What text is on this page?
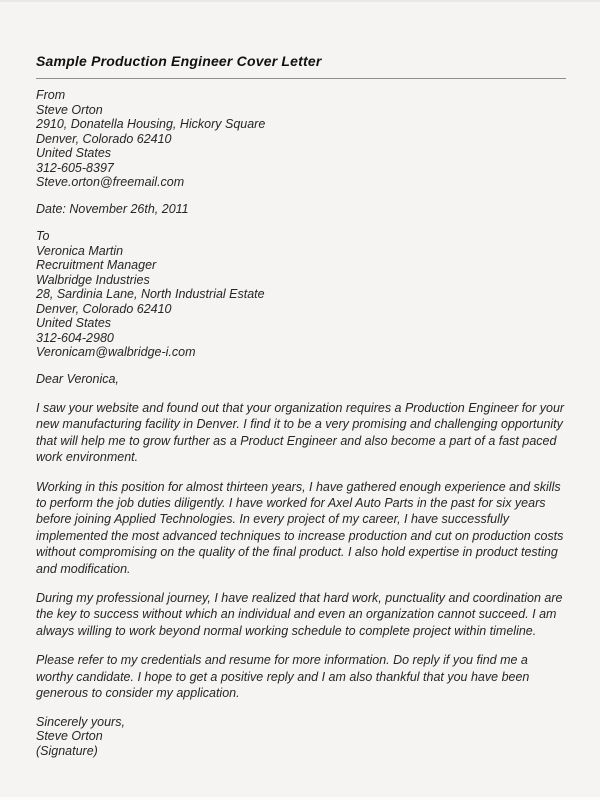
Sample Production Engineer Cover Letter
From
Steve Orton
2910, Donatella Housing, Hickory Square
Denver, Colorado 62410
United States
312-605-8397
Steve.orton@freemail.com
Date: November 26th, 2011
To
Veronica Martin
Recruitment Manager
Walbridge Industries
28, Sardinia Lane, North Industrial Estate
Denver, Colorado 62410
United States
312-604-2980
Veronicam@walbridge-i.com
Dear Veronica,

I saw your website and found out that your organization requires a Production Engineer for your new manufacturing facility in Denver. I find it to be a very promising and challenging opportunity that will help me to grow further as a Product Engineer and also become a part of a fast paced work environment.

Working in this position for almost thirteen years, I have gathered enough experience and skills to perform the job duties diligently. I have worked for Axel Auto Parts in the past for six years before joining Applied Technologies. In every project of my career, I have successfully implemented the most advanced techniques to increase production and cut on production costs without compromising on the quality of the final product. I also hold expertise in product testing and modification.

During my professional journey, I have realized that hard work, punctuality and coordination are the key to success without which an individual and even an organization cannot succeed. I am always willing to work beyond normal working schedule to complete project within timeline.

Please refer to my credentials and resume for more information. Do reply if you find me a worthy candidate. I hope to get a positive reply and I am also thankful that you have been generous to consider my application.

Sincerely yours,
Steve Orton
(Signature)
